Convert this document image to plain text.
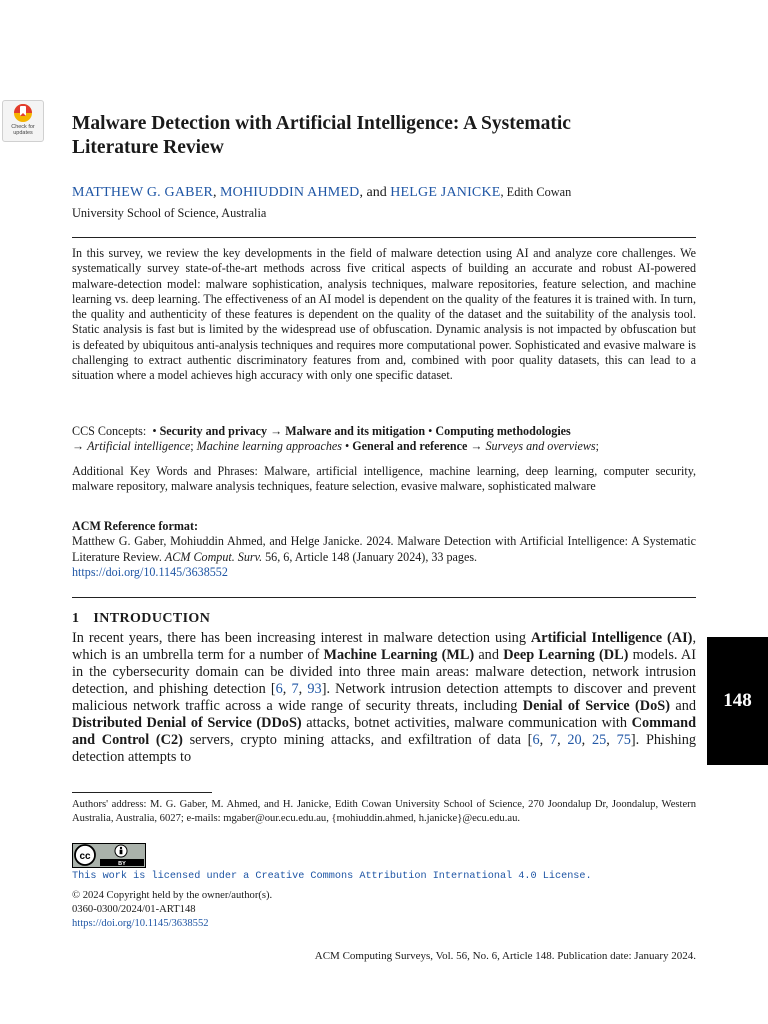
Check for
updates	Malware Detection with Artificial Intelligence: A Systematic
Literature Review
MATTHEW G. GABER, MOHIUDDIN AHMED, and HELGE JANICKE, Edith Cowan
University School of Science, Australia
In this survey, we review the key developments in the field of malware detection using AI and analyze core challenges. We systematically survey state-of-the-art methods across five critical aspects of building an accurate and robust AI-powered malware-detection model: malware sophistication, analysis techniques, malware repositories, feature selection, and machine learning vs. deep learning. The effectiveness of an AI model is dependent on the quality of the features it is trained with. In turn, the quality and authenticity of these features is dependent on the quality of the dataset and the suitability of the analysis tool. Static analysis is fast but is limited by the widespread use of obfuscation. Dynamic analysis is not impacted by obfuscation but is defeated by ubiquitous anti-analysis techniques and requires more computational power. Sophisticated and evasive malware is challenging to extract authentic discriminatory features from and, combined with poor quality datasets, this can lead to a situation where a model achieves high accuracy with only one specific dataset.
CCS Concepts:  • Security and privacy → Malware and its mitigation • Computing methodologies
→ Artificial intelligence; Machine learning approaches • General and reference → Surveys and overviews;
Additional Key Words and Phrases: Malware, artificial intelligence, machine learning, deep learning, computer security, malware repository, malware analysis techniques, feature selection, evasive malware, sophisticated malware
ACM Reference format:
Matthew G. Gaber, Mohiuddin Ahmed, and Helge Janicke. 2024. Malware Detection with Artificial Intelligence: A Systematic Literature Review. ACM Comput. Surv. 56, 6, Article 148 (January 2024), 33 pages.
https://doi.org/10.1145/3638552
1 INTRODUCTION
In recent years, there has been increasing interest in malware detection using Artificial Intelligence (AI), which is an umbrella term for a number of Machine Learning (ML) and Deep Learning (DL) models. AI in the cybersecurity domain can be divided into three main areas: malware detection, network intrusion detection, and phishing detection [6, 7, 93]. Network intrusion detection attempts to discover and prevent malicious network traffic across a wide range of security threats, including Denial of Service (DoS) and Distributed Denial of Service (DDoS) attacks, botnet activities, malware communication with Command and Control (C2) servers, crypto mining attacks, and exfiltration of data [6, 7, 20, 25, 75]. Phishing detection attempts to
148
Authors' address: M. G. Gaber, M. Ahmed, and H. Janicke, Edith Cowan University School of Science, 270 Joondalup Dr, Joondalup, Western Australia, Australia, 6027; e-mails: mgaber@our.ecu.edu.au, {mohiuddin.ahmed, h.janicke}@ecu.edu.au.
cc
BY
This work is licensed under a Creative Commons Attribution International 4.0 License.
© 2024 Copyright held by the owner/author(s).
0360-0300/2024/01-ART148
https://doi.org/10.1145/3638552
ACM Computing Surveys, Vol. 56, No. 6, Article 148. Publication date: January 2024.
